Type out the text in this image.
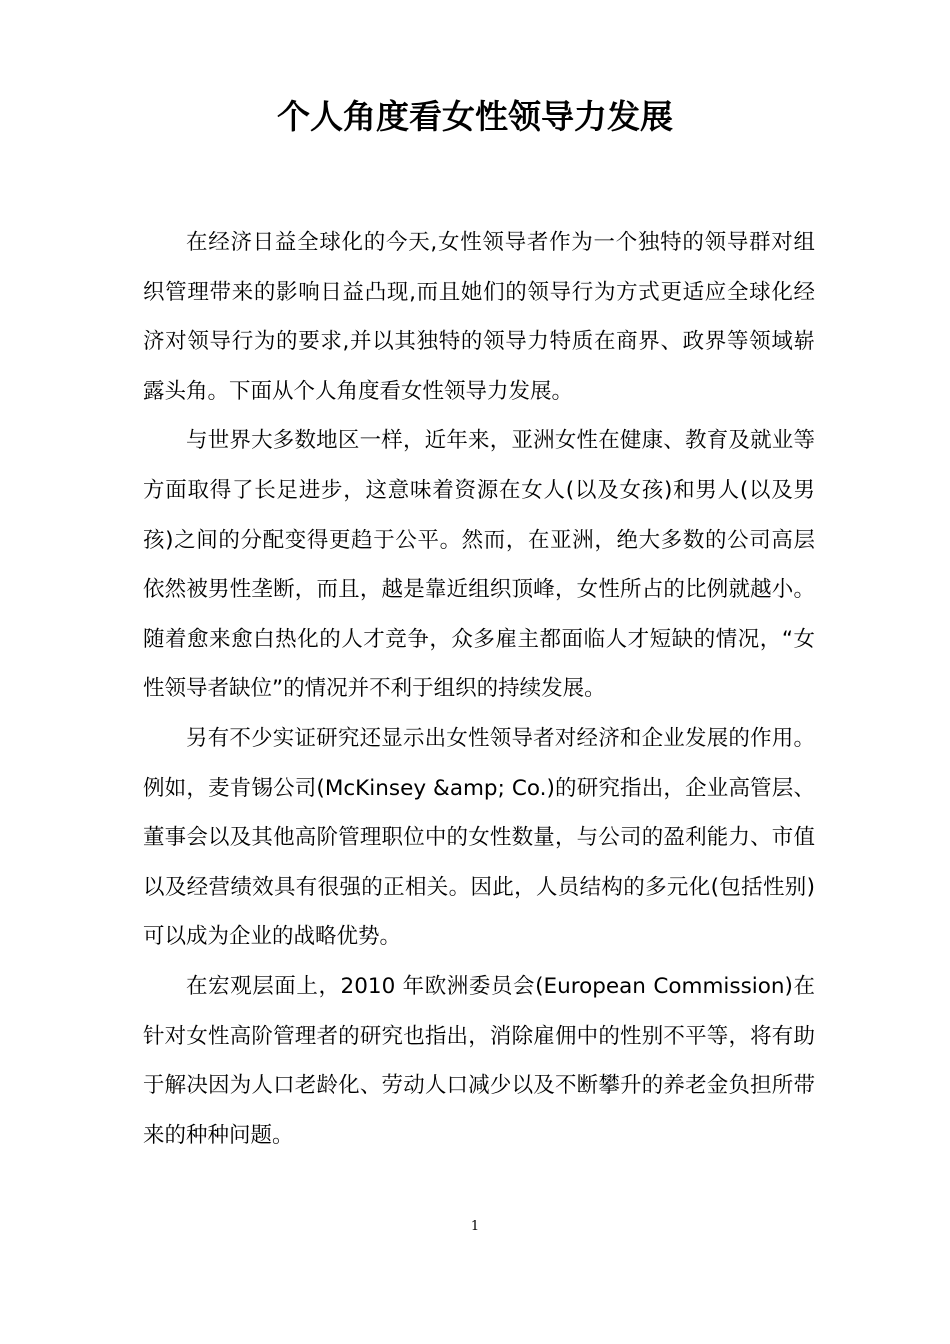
个人角度看女性领导力发展

在经济日益全球化的今天,女性领导者作为一个独特的领导群对组织管理带来的影响日益凸现,而且她们的领导行为方式更适应全球化经济对领导行为的要求,并以其独特的领导力特质在商界、政界等领域崭露头角。下面从个人角度看女性领导力发展。

与世界大多数地区一样，近年来，亚洲女性在健康、教育及就业等方面取得了长足进步，这意味着资源在女人(以及女孩)和男人(以及男孩)之间的分配变得更趋于公平。然而，在亚洲，绝大多数的公司高层依然被男性垄断，而且，越是靠近组织顶峰，女性所占的比例就越小。随着愈来愈白热化的人才竞争，众多雇主都面临人才短缺的情况，“女性领导者缺位”的情况并不利于组织的持续发展。

另有不少实证研究还显示出女性领导者对经济和企业发展的作用。例如，麦肯锡公司(McKinsey &amp; Co.)的研究指出，企业高管层、董事会以及其他高阶管理职位中的女性数量，与公司的盈利能力、市值以及经营绩效具有很强的正相关。因此，人员结构的多元化(包括性别)可以成为企业的战略优势。

在宏观层面上，2010 年欧洲委员会(European Commission)在针对女性高阶管理者的研究也指出，消除雇佣中的性别不平等，将有助于解决因为人口老龄化、劳动人口减少以及不断攀升的养老金负担所带来的种种问题。

1
